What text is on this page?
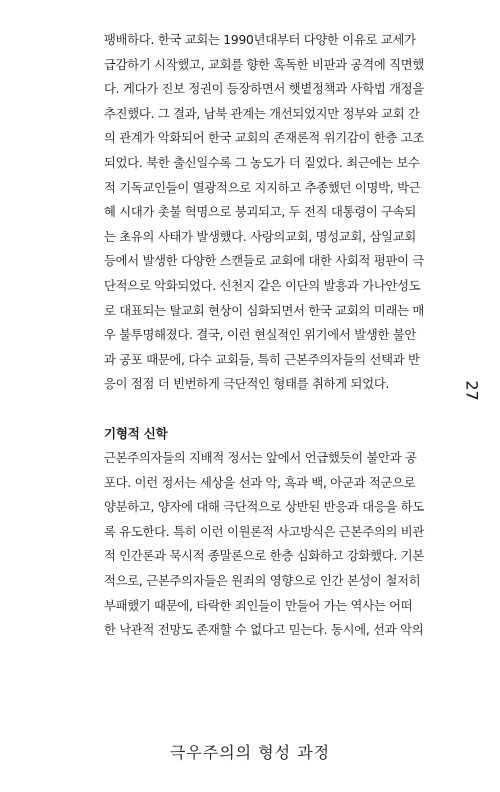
팽배하다. 한국 교회는 1990년대부터 다양한 이유로 교세가
급감하기 시작했고, 교회를 향한 혹독한 비판과 공격에 직면했
다. 게다가 진보 정권이 등장하면서 햇볕정책과 사학법 개정을
추진했다. 그 결과, 남북 관계는 개선되었지만 정부와 교회 간
의 관계가 악화되어 한국 교회의 존재론적 위기감이 한층 고조
되었다. 북한 출신일수록 그 농도가 더 짙었다. 최근에는 보수
적 기독교인들이 열광적으로 지지하고 추종했던 이명박, 박근
혜 시대가 촛불 혁명으로 붕괴되고, 두 전직 대통령이 구속되
는 초유의 사태가 발생했다. 사랑의교회, 명성교회, 삼일교회
등에서 발생한 다양한 스캔들로 교회에 대한 사회적 평판이 극
단적으로 악화되었다. 신천지 같은 이단의 발흥과 가나안성도
로 대표되는 탈교회 현상이 심화되면서 한국 교회의 미래는 매
우 불투명해졌다. 결국, 이런 현실적인 위기에서 발생한 불안
과 공포 때문에, 다수 교회들, 특히 근본주의자들의 선택과 반
응이 점점 더 빈번하게 극단적인 형태를 취하게 되었다.
기형적 신학
근본주의자들의 지배적 정서는 앞에서 언급했듯이 불안과 공
포다. 이런 정서는 세상을 선과 악, 흑과 백, 아군과 적군으로
양분하고, 양자에 대해 극단적으로 상반된 반응과 대응을 하도
록 유도한다. 특히 이런 이원론적 사고방식은 근본주의의 비관
적 인간론과 묵시적 종말론으로 한층 심화하고 강화했다. 기본
적으로, 근본주의자들은 원죄의 영향으로 인간 본성이 철저히
부패했기 때문에, 타락한 죄인들이 만들어 가는 역사는 어떠
한 낙관적 전망도 존재할 수 없다고 믿는다. 동시에, 선과 악의
27
극우주의의 형성 과정
